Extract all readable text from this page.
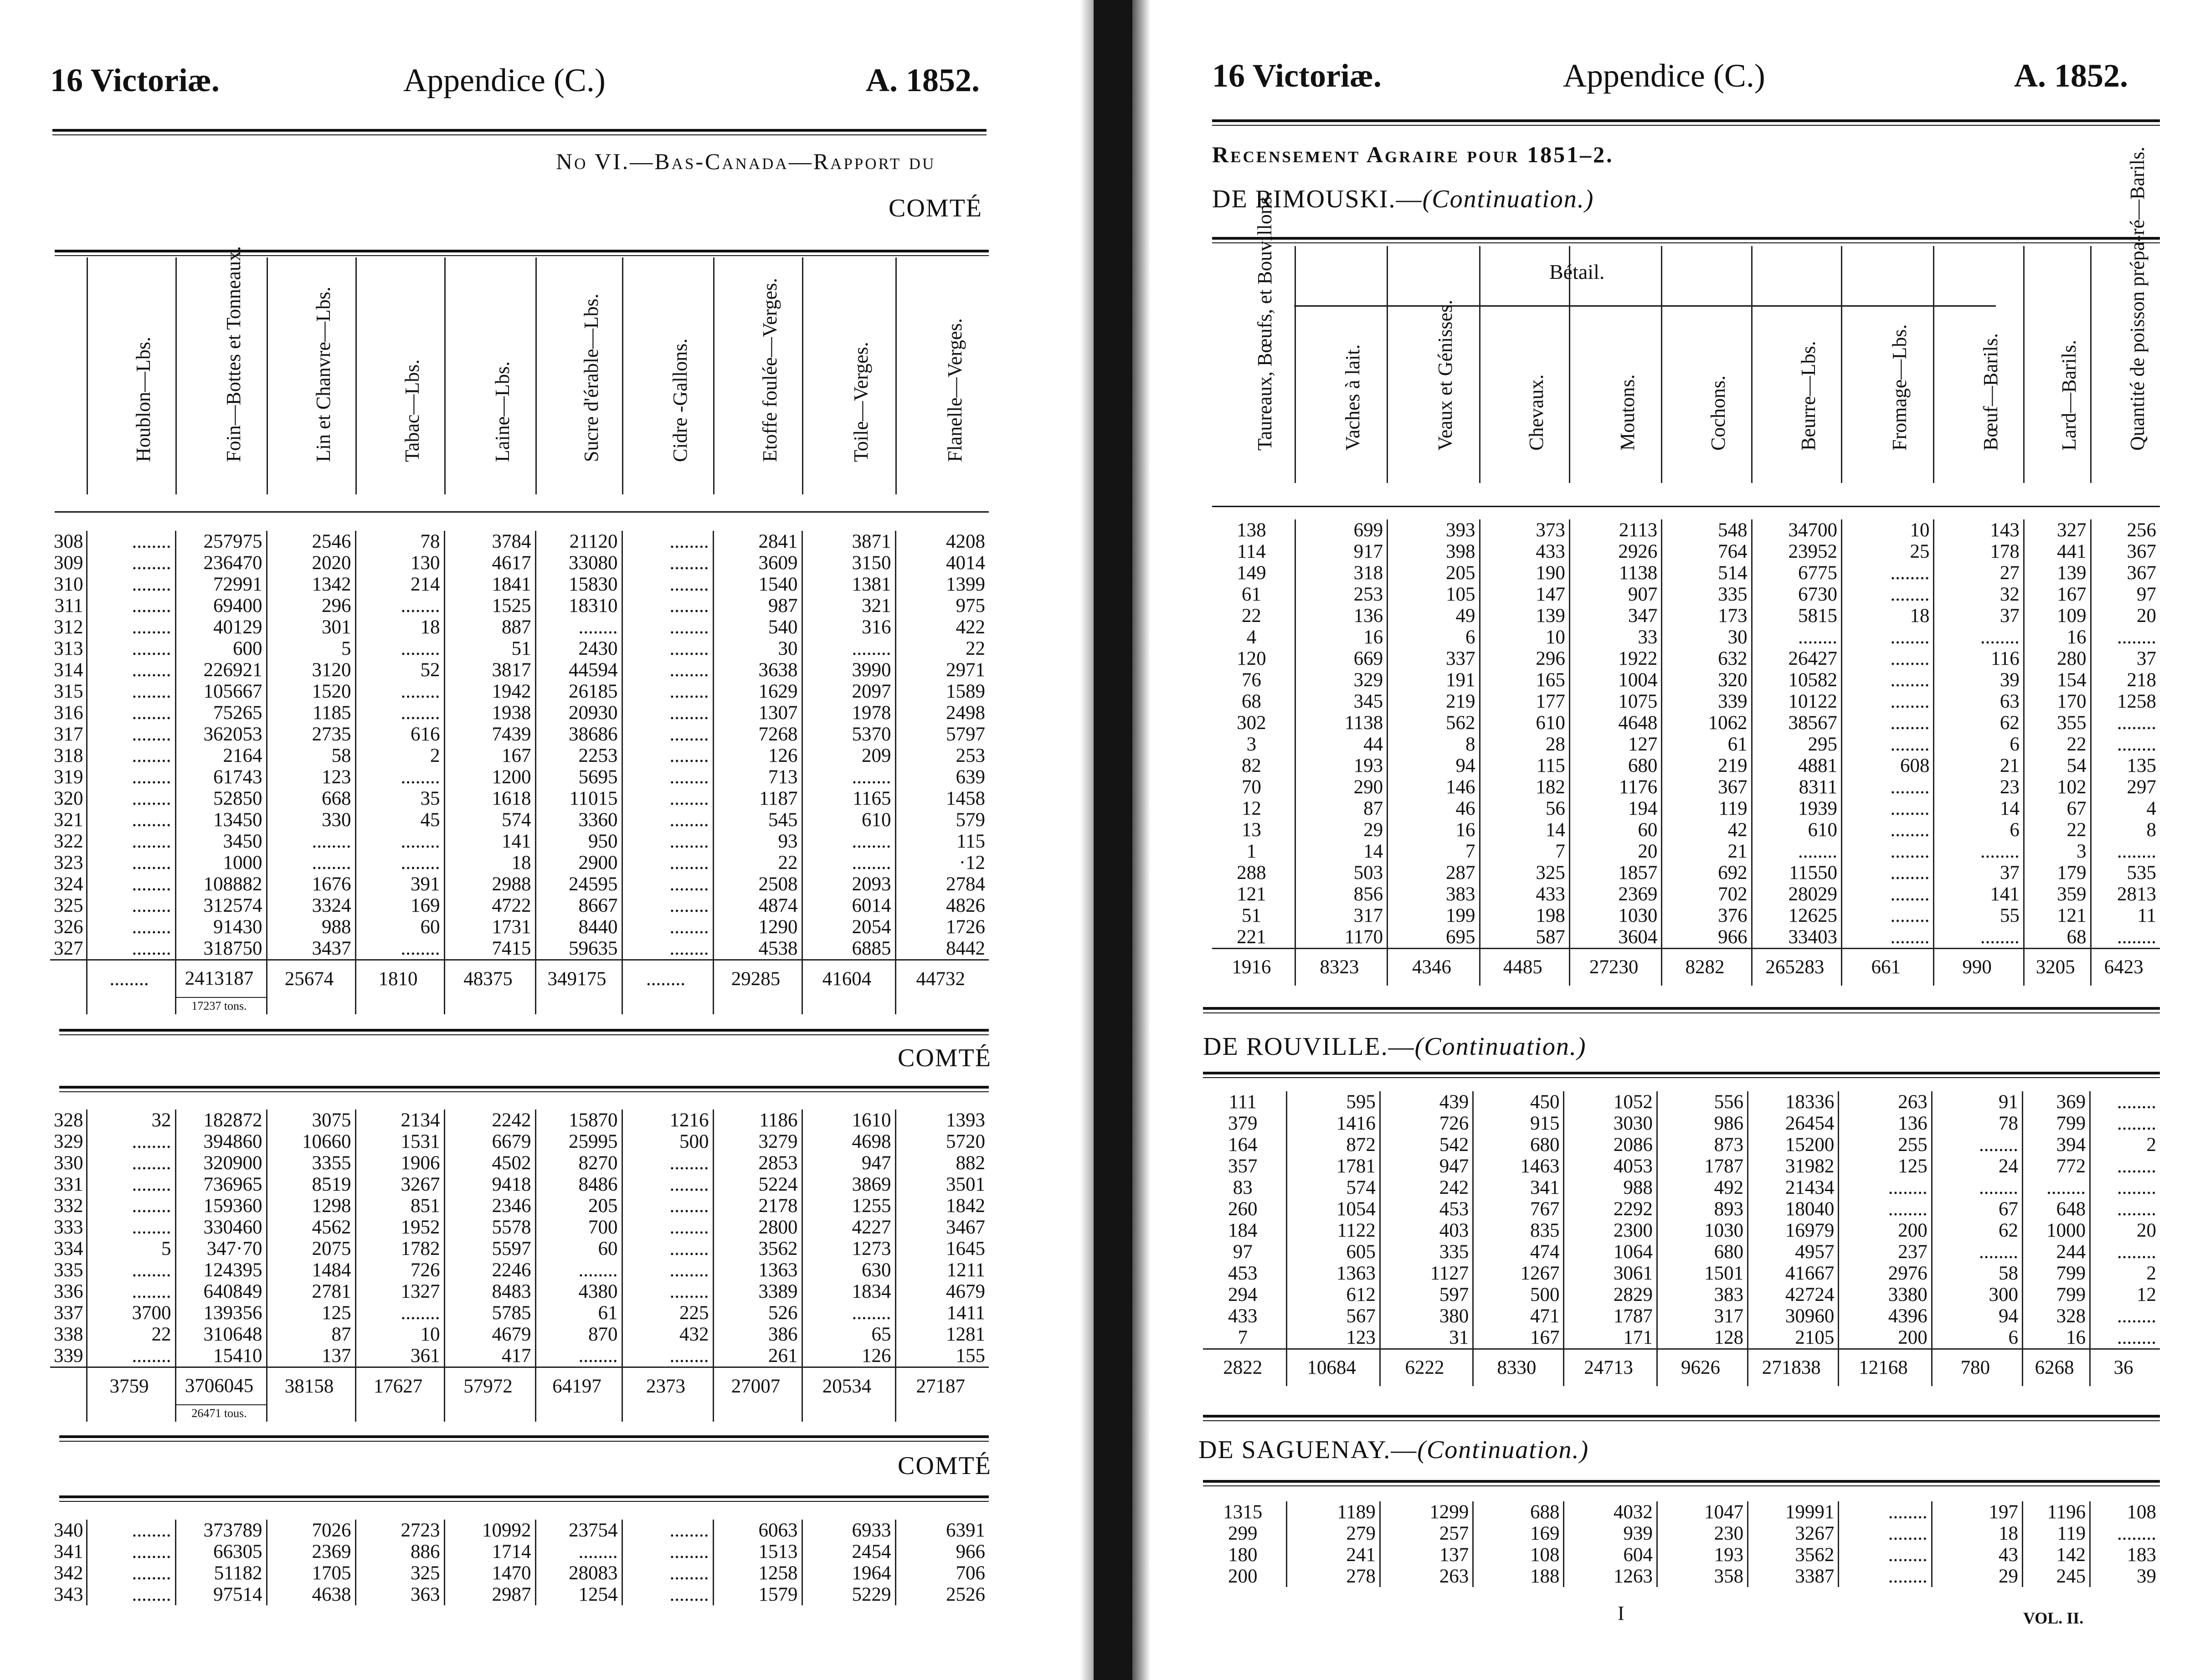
16 Victoriæ.	Appendice (C.)	A. 1852.
No VI.—Bas-Canada—Rapport du
COMTÉ
Houblon—Lbs.	Foin—Bottes et Tonneaux.	Lin et Chanvre—Lbs.	Tabac—Lbs.	Laine—Lbs.	Sucre d'érable—Lbs.	Cidre -Gallons.	Etoffe foulée—Verges.	Toile—Verges.	Flanelle—Verges.
308	........	257975	2546	78	3784	21120	........	2841	3871	4208
309	........	236470	2020	130	4617	33080	........	3609	3150	4014
310	........	72991	1342	214	1841	15830	........	1540	1381	1399
311	........	69400	296	........	1525	18310	........	987	321	975
312	........	40129	301	18	887	........	........	540	316	422
313	........	600	5	........	51	2430	........	30	........	22
314	........	226921	3120	52	3817	44594	........	3638	3990	2971
315	........	105667	1520	........	1942	26185	........	1629	2097	1589
316	........	75265	1185	........	1938	20930	........	1307	1978	2498
317	........	362053	2735	616	7439	38686	........	7268	5370	5797
318	........	2164	58	2	167	2253	........	126	209	253
319	........	61743	123	........	1200	5695	........	713	........	639
320	........	52850	668	35	1618	11015	........	1187	1165	1458
321	........	13450	330	45	574	3360	........	545	610	579
322	........	3450	........	........	141	950	........	93	........	115
323	........	1000	........	........	18	2900	........	22	........	·12
324	........	108882	1676	391	2988	24595	........	2508	2093	2784
325	........	312574	3324	169	4722	8667	........	4874	6014	4826
326	........	91430	988	60	1731	8440	........	1290	2054	1726
327	........	318750	3437	........	7415	59635	........	4538	6885	8442
	........	2413187	25674	1810	48375	349175	........	29285	41604	44732
		17237 tons.								
COMTÉ
328	32	182872	3075	2134	2242	15870	1216	1186	1610	1393
329	........	394860	10660	1531	6679	25995	500	3279	4698	5720
330	........	320900	3355	1906	4502	8270	........	2853	947	882
331	........	736965	8519	3267	9418	8486	........	5224	3869	3501
332	........	159360	1298	851	2346	205	........	2178	1255	1842
333	........	330460	4562	1952	5578	700	........	2800	4227	3467
334	5	347·70	2075	1782	5597	60	........	3562	1273	1645
335	........	124395	1484	726	2246	........	........	1363	630	1211
336	........	640849	2781	1327	8483	4380	........	3389	1834	4679
337	3700	139356	125	........	5785	61	225	526	........	1411
338	22	310648	87	10	4679	870	432	386	65	1281
339	........	15410	137	361	417	........	........	261	126	155
	3759	3706045	38158	17627	57972	64197	2373	27007	20534	27187
		26471 tous.								
COMTÉ
340	........	373789	7026	2723	10992	23754	........	6063	6933	6391
341	........	66305	2369	886	1714	........	........	1513	2454	966
342	........	51182	1705	325	1470	28083	........	1258	1964	706
343	........	97514	4638	363	2987	1254	........	1579	5229	2526
16 Victoriæ.	Appendice (C.)	A. 1852.
Recensement Agraire pour 1851–2.
DE RIMOUSKI.—(Continuation.)
Bétail.
Taureaux, Bœufs, et Bouvillons.	Vaches à lait.	Veaux et Génisses.	Chevaux.	Moutons.	Cochons.	Beurre—Lbs.	Fromage—Lbs.	Bœuf—Barils.	Lard—Barils.	Quantité de poisson prépa-ré—Barils.
138	699	393	373	2113	548	34700	10	143	327	256
114	917	398	433	2926	764	23952	25	178	441	367
149	318	205	190	1138	514	6775	........	27	139	367
61	253	105	147	907	335	6730	........	32	167	97
22	136	49	139	347	173	5815	18	37	109	20
4	16	6	10	33	30	........	........	........	16	........
120	669	337	296	1922	632	26427	........	116	280	37
76	329	191	165	1004	320	10582	........	39	154	218
68	345	219	177	1075	339	10122	........	63	170	1258
302	1138	562	610	4648	1062	38567	........	62	355	........
3	44	8	28	127	61	295	........	6	22	........
82	193	94	115	680	219	4881	608	21	54	135
70	290	146	182	1176	367	8311	........	23	102	297
12	87	46	56	194	119	1939	........	14	67	4
13	29	16	14	60	42	610	........	6	22	8
1	14	7	7	20	21	........	........	........	3	........
288	503	287	325	1857	692	11550	........	37	179	535
121	856	383	433	2369	702	28029	........	141	359	2813
51	317	199	198	1030	376	12625	........	55	121	11
221	1170	695	587	3604	966	33403	........	........	68	........
1916	8323	4346	4485	27230	8282	265283	661	990	3205	6423
DE ROUVILLE.—(Continuation.)
111	595	439	450	1052	556	18336	263	91	369	........
379	1416	726	915	3030	986	26454	136	78	799	........
164	872	542	680	2086	873	15200	255	........	394	2
357	1781	947	1463	4053	1787	31982	125	24	772	........
83	574	242	341	988	492	21434	........	........	........	........
260	1054	453	767	2292	893	18040	........	67	648	........
184	1122	403	835	2300	1030	16979	200	62	1000	20
97	605	335	474	1064	680	4957	237	........	244	........
453	1363	1127	1267	3061	1501	41667	2976	58	799	2
294	612	597	500	2829	383	42724	3380	300	799	12
433	567	380	471	1787	317	30960	4396	94	328	........
7	123	31	167	171	128	2105	200	6	16	........
2822	10684	6222	8330	24713	9626	271838	12168	780	6268	36
DE SAGUENAY.—(Continuation.)
1315	1189	1299	688	4032	1047	19991	........	197	1196	108
299	279	257	169	939	230	3267	........	18	119	........
180	241	137	108	604	193	3562	........	43	142	183
200	278	263	188	1263	358	3387	........	29	245	39
I	VOL. II.
